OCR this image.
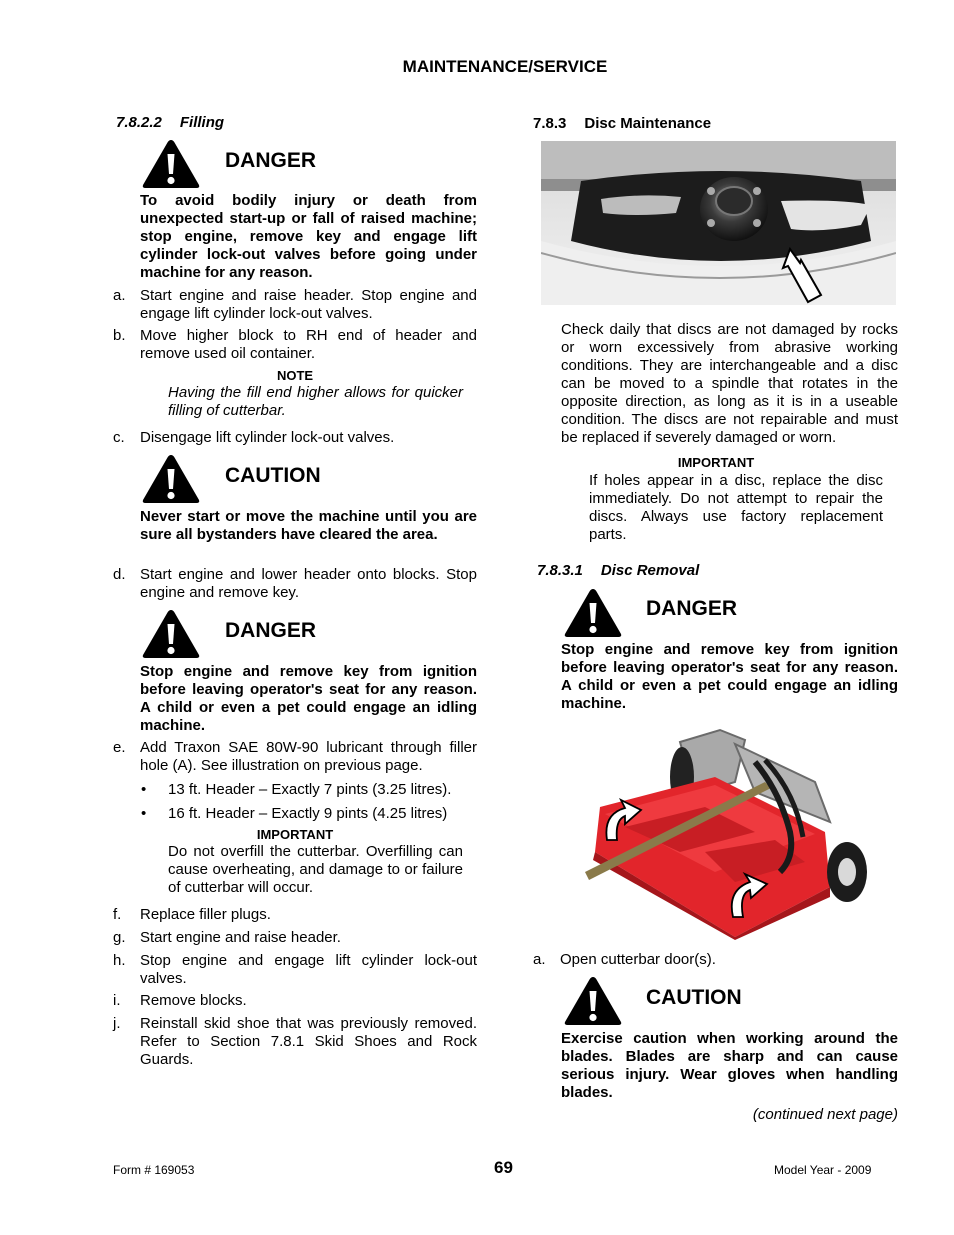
MAINTENANCE/SERVICE
7.8.2.2 Filling
DANGER
To avoid bodily injury or death from unexpected start-up or fall of raised machine; stop engine, remove key and engage lift cylinder lock-out valves before going under machine for any reason.
a. Start engine and raise header. Stop engine and engage lift cylinder lock-out valves.
b. Move higher block to RH end of header and remove used oil container.
NOTE
Having the fill end higher allows for quicker filling of cutterbar.
c. Disengage lift cylinder lock-out valves.
CAUTION
Never start or move the machine until you are sure all bystanders have cleared the area.
d. Start engine and lower header onto blocks. Stop engine and remove key.
DANGER
Stop engine and remove key from ignition before leaving operator's seat for any reason. A child or even a pet could engage an idling machine.
e. Add Traxon SAE 80W-90 lubricant through filler hole (A). See illustration on previous page.
• 13 ft. Header – Exactly 7 pints (3.25 litres).
• 16 ft. Header – Exactly 9 pints (4.25 litres)
IMPORTANT
Do not overfill the cutterbar. Overfilling can cause overheating, and damage to or failure of cutterbar will occur.
f. Replace filler plugs.
g. Start engine and raise header.
h. Stop engine and engage lift cylinder lock-out valves.
i. Remove blocks.
j. Reinstall skid shoe that was previously removed. Refer to Section 7.8.1 Skid Shoes and Rock Guards.
7.8.3 Disc Maintenance
Check daily that discs are not damaged by rocks or worn excessively from abrasive working conditions. They are interchangeable and a disc can be moved to a spindle that rotates in the opposite direction, as long as it is in a useable condition. The discs are not repairable and must be replaced if severely damaged or worn.
IMPORTANT
If holes appear in a disc, replace the disc immediately. Do not attempt to repair the discs. Always use factory replacement parts.
7.8.3.1 Disc Removal
DANGER
Stop engine and remove key from ignition before leaving operator's seat for any reason. A child or even a pet could engage an idling machine.
a. Open cutterbar door(s).
CAUTION
Exercise caution when working around the blades. Blades are sharp and can cause serious injury. Wear gloves when handling blades.
(continued next page)
Form # 169053	69	Model Year - 2009
